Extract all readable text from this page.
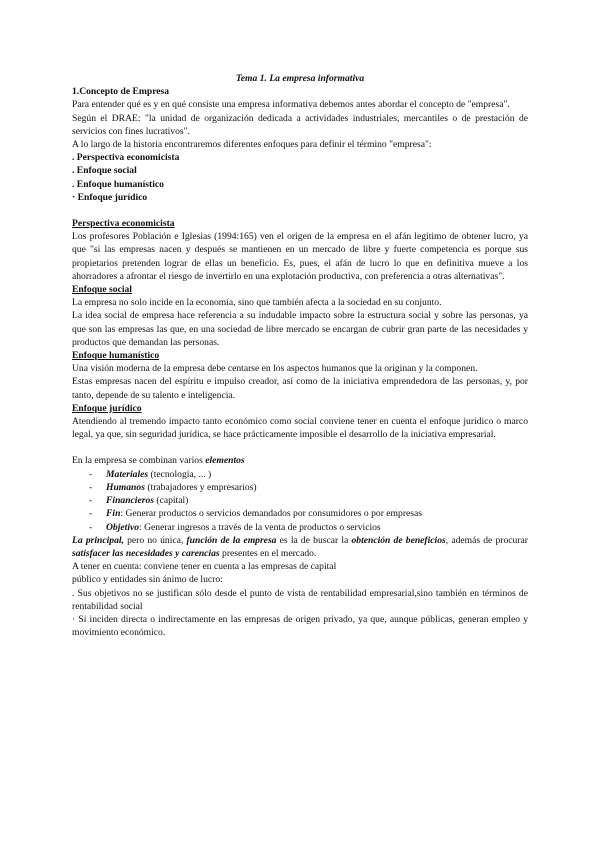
Tema 1. La empresa informativa

1.Concepto de Empresa

Para entender qué es y en qué consiste una empresa informativa debemos antes abordar el concepto de "empresa".

Según el DRAE: "la unidad de organización dedicada a actividades industriales, mercantiles o de prestación de servicios con fines lucrativos".

A lo largo de la historia encontraremos diferentes enfoques para definir el término "empresa":

. Perspectiva economicista

. Enfoque social

. Enfoque humanístico

· Enfoque jurídico

Perspectiva economicista

Los profesores Población e Iglesias (1994:165) ven el origen de la empresa en el afán legítimo de obtener lucro, ya que "si las empresas nacen y después se mantienen en un mercado de libre y fuerte competencia es porque sus propietarios pretenden lograr de ellas un beneficio. Es, pues, el afán de lucro lo que en definitiva mueve a los ahorradores a afrontar el riesgo de invertirlo en una explotación productiva, con preferencia a otras alternativas".

Enfoque social

La empresa no solo incide en la economía, sino que también afecta a la sociedad en su conjunto.

La idea social de empresa hace referencia a su indudable impacto sobre la estructura social y sobre las personas, ya que son las empresas las que, en una sociedad de libre mercado se encargan de cubrir gran parte de las necesidades y productos que demandan las personas.

Enfoque humanístico

Una visión moderna de la empresa debe centarse en los aspectos humanos que la originan y la componen.

Estas empresas nacen del espíritu e impulso creador, así como de la iniciativa emprendedora de las personas, y, por tanto, depende de su talento e inteligencia.

Enfoque jurídico

Atendiendo al tremendo impacto tanto económico como social conviene tener en cuenta el enfoque jurídico o marco legal, ya que, sin seguridad jurídica, se hace prácticamente imposible el desarrollo de la iniciativa empresarial.

En la empresa se combinan varios elementos

- Materiales (tecnología, ... )
- Humanos (trabajadores y empresarios)
- Financieros (capital)
- Fin: Generar productos o servicios demandados por consumidores o por empresas
- Objetivo: Generar ingresos a través de la venta de productos o servicios

La principal, pero no única, función de la empresa es la de buscar la obtención de beneficios, además de procurar satisfacer las necesidades y carencias presentes en el mercado.

A tener en cuenta: conviene tener en cuenta a las empresas de capital

público y entidades sin ánimo de lucro:

. Sus objetivos no se justifican sólo desde el punto de vista de rentabilidad empresarial,sino también en términos de rentabilidad social

· Si inciden directa o indirectamente en las empresas de origen privado, ya que, aunque públicas, generan empleo y movimiento económico.
